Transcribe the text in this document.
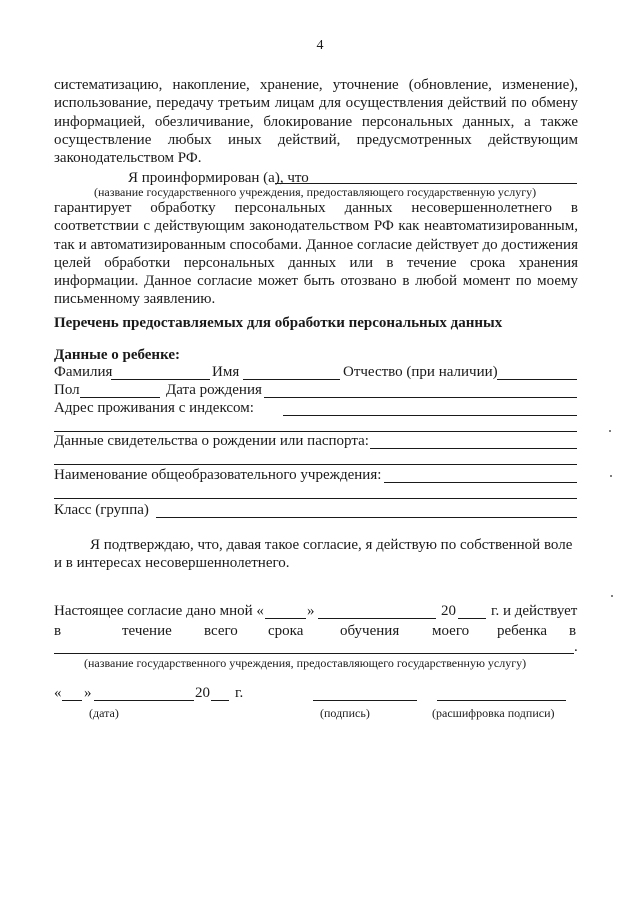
4

систематизацию, накопление, хранение, уточнение (обновление, изменение), использование, передачу третьим лицам для осуществления действий по обмену информацией, обезличивание, блокирование персональных данных, а также осуществление любых иных действий, предусмотренных действующим законодательством РФ.

Я проинформирован (а), что
(название государственного учреждения, предоставляющего государственную услугу)

гарантирует обработку персональных данных несовершеннолетнего в соответствии с действующим законодательством РФ как неавтоматизированным, так и автоматизированным способами. Данное согласие действует до достижения целей обработки персональных данных или в течение срока хранения информации. Данное согласие может быть отозвано в любой момент по моему письменному заявлению.

Перечень предоставляемых для обработки персональных данных
Данные о ребенке:
Фамилия	Имя	Отчество (при наличии)
Пол	Дата рождения
Адрес проживания с индексом:
Данные свидетельства о рождении или паспорта:
Наименование общеобразовательного учреждения:
Класс (группа)

Я подтверждаю, что, давая такое согласие, я действую по собственной воле и в интересах несовершеннолетнего.

Настоящее согласие дано мной «	»	20 г. и действует
в	течение всего срока обучения моего ребенка в
.
(название государственного учреждения, предоставляющего государственную услугу)
« »	20 г.
(дата)	(подпись)	(расшифровка подписи)
